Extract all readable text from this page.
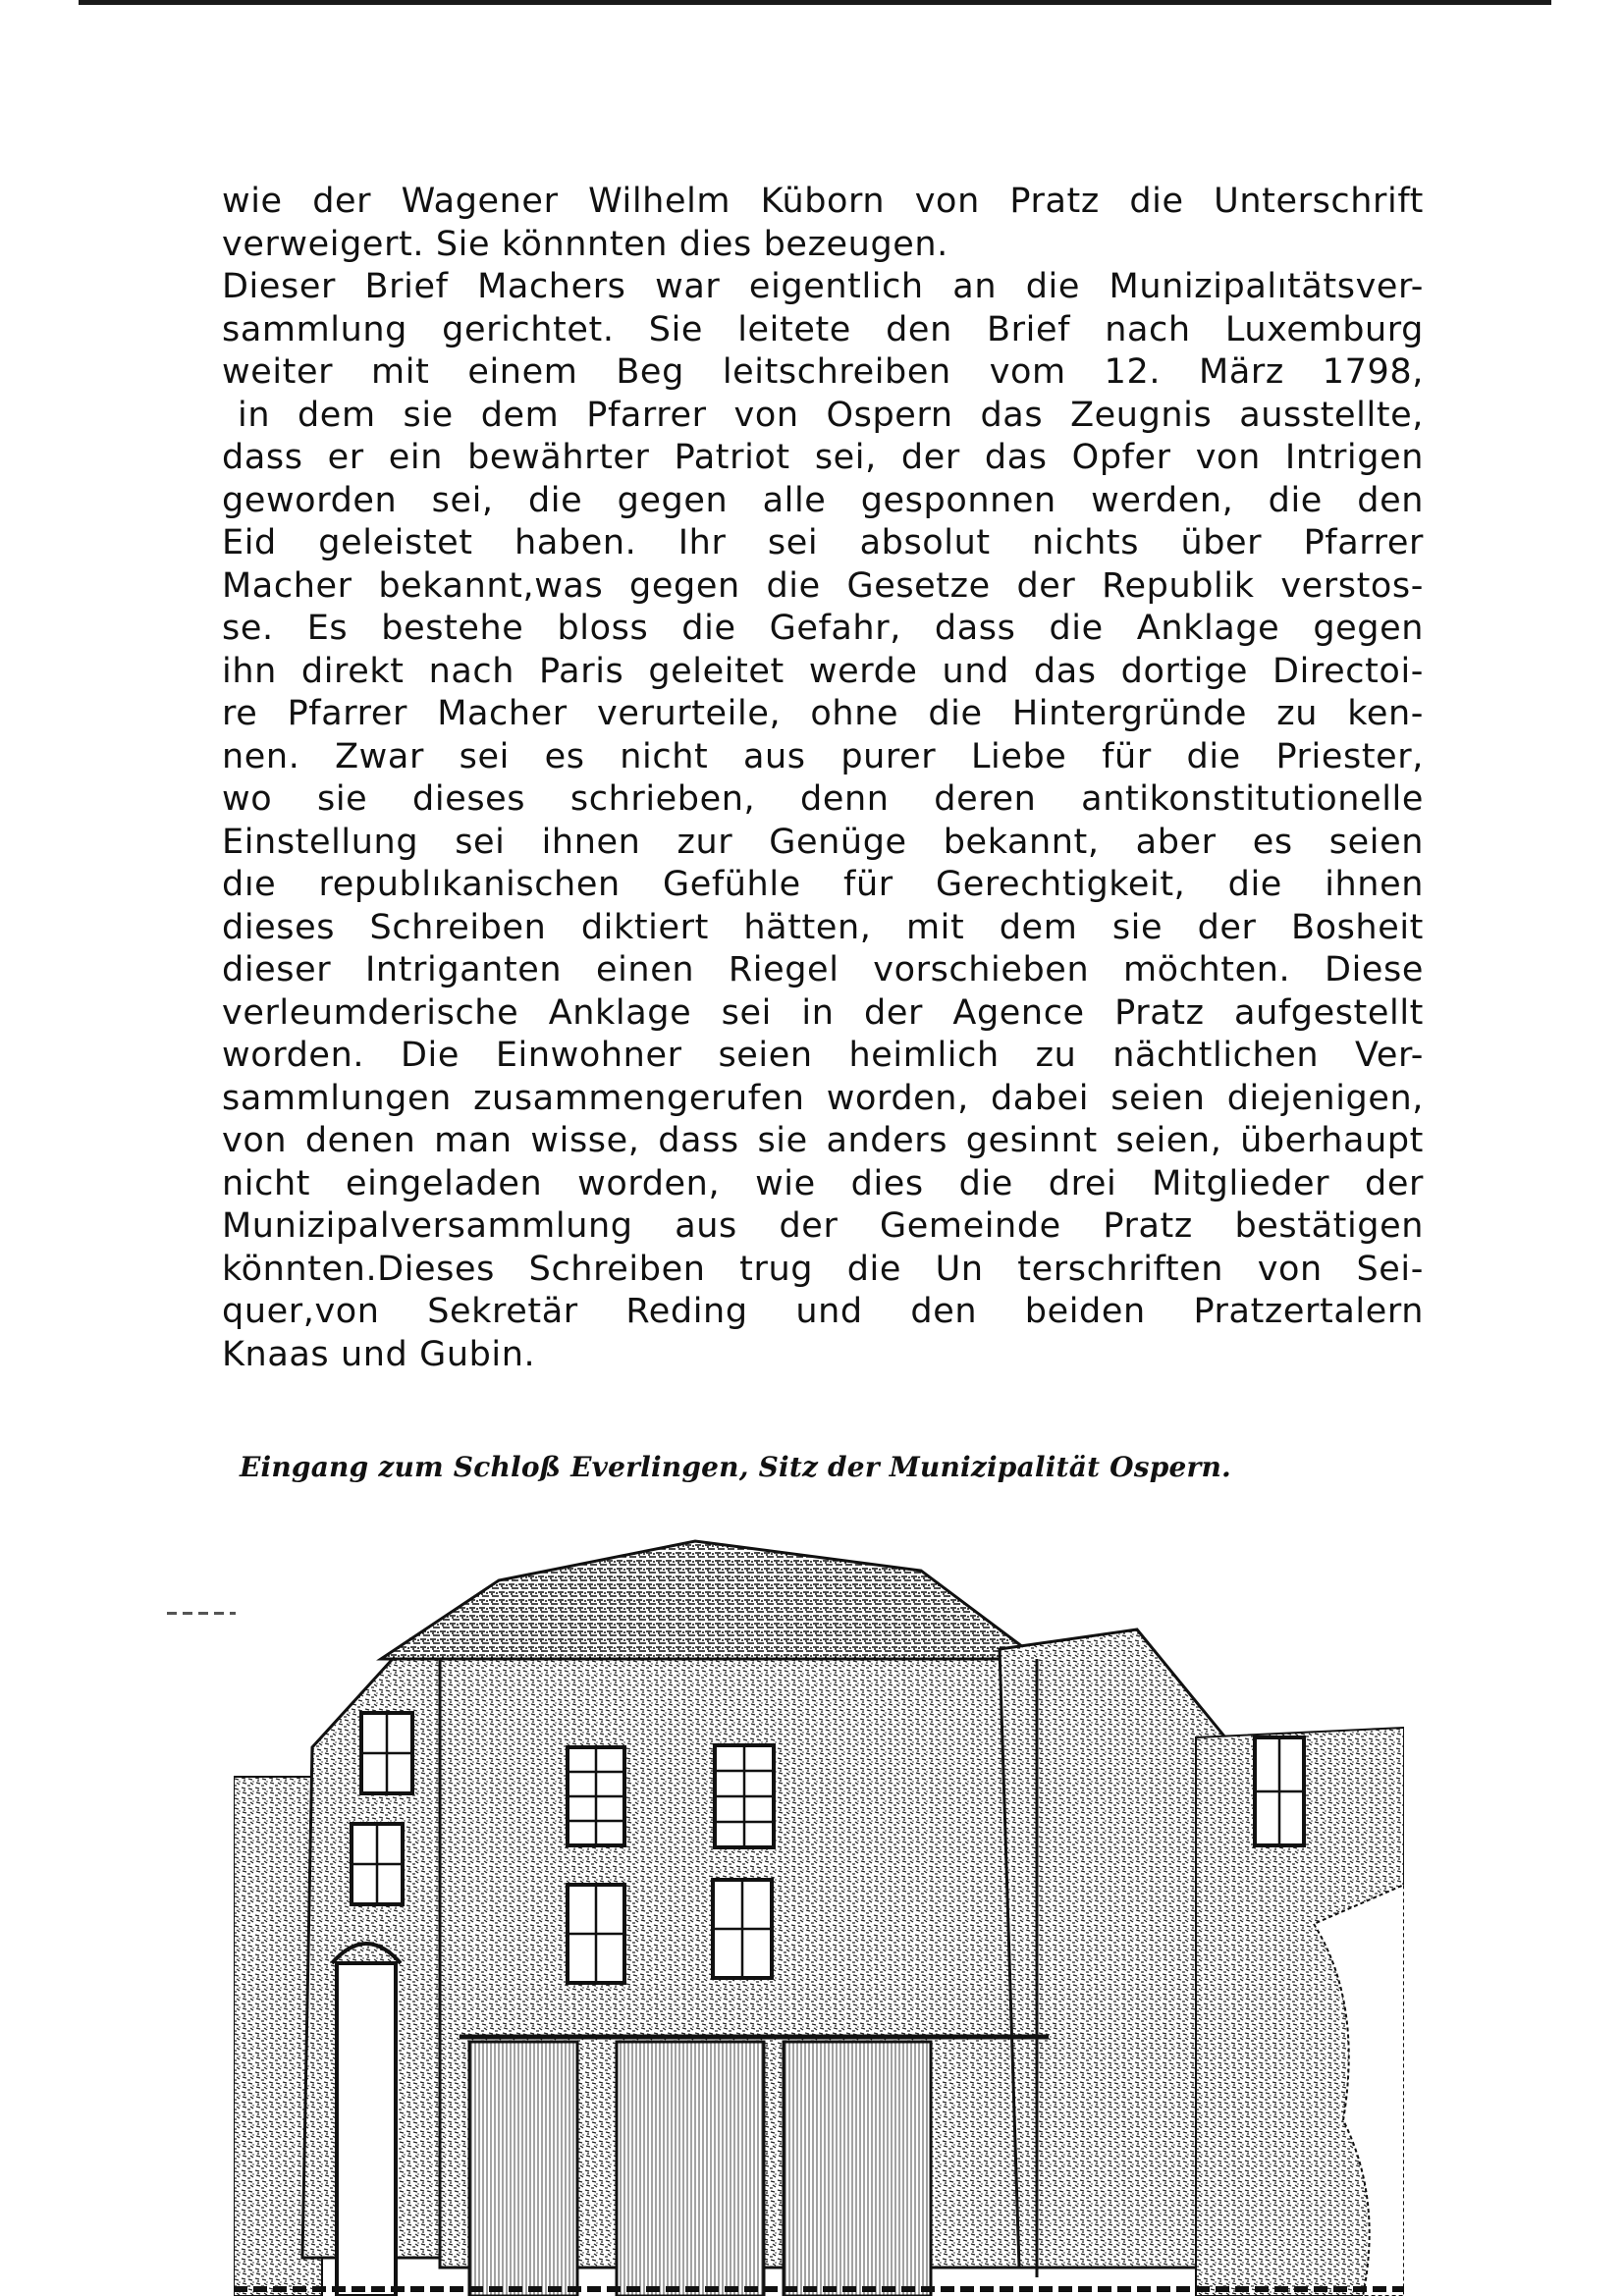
wie der Wagener Wilhelm Küborn von Pratz die Unterschrift
verweigert. Sie könnnten dies bezeugen.
Dieser Brief Machers war eigentlich an die Munizipalıtätsver-
sammlung gerichtet. Sie leitete den Brief nach Luxemburg
weiter mit einem Beg leitschreiben vom 12. März 1798,
in dem sie dem Pfarrer von Ospern das Zeugnis ausstellte,
dass er ein bewährter Patriot sei, der das Opfer von Intrigen
geworden sei, die gegen alle gesponnen werden, die den
Eid geleistet haben. Ihr sei absolut nichts über Pfarrer
Macher bekannt,was gegen die Gesetze der Republik verstos-
se. Es bestehe bloss die Gefahr, dass die Anklage gegen
ihn direkt nach Paris geleitet werde und das dortige Directoi-
re Pfarrer Macher verurteile, ohne die Hintergründe zu ken-
nen. Zwar sei es nicht aus purer Liebe für die Priester,
wo sie dieses schrieben, denn deren antikonstitutionelle
Einstellung sei ihnen zur Genüge bekannt, aber es seien
dıe republıkanischen Gefühle für Gerechtigkeit, die ihnen
dieses Schreiben diktiert hätten, mit dem sie der Bosheit
dieser Intriganten einen Riegel vorschieben möchten. Diese
verleumderische Anklage sei in der Agence Pratz aufgestellt
worden. Die Einwohner seien heimlich zu nächtlichen Ver-
sammlungen zusammengerufen worden, dabei seien diejenigen,
von denen man wisse, dass sie anders gesinnt seien, überhaupt
nicht eingeladen worden, wie dies die drei Mitglieder der
Munizipalversammlung aus der Gemeinde Pratz bestätigen
könnten.Dieses Schreiben trug die Un terschriften von Sei-
quer,von Sekretär Reding und den beiden Pratzertalern
Knaas und Gubin.

Eingang zum Schloß Everlingen, Sitz der Munizipalität Ospern.
